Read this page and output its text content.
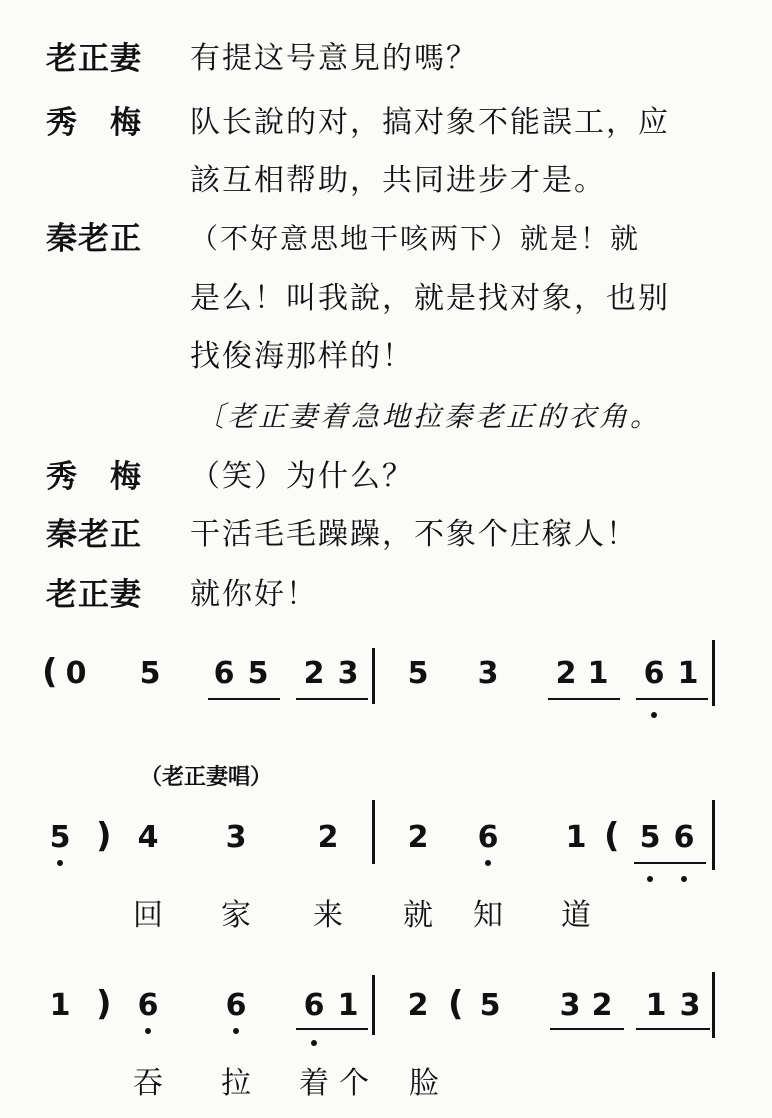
老正妻 有提这号意見的嗎？
秀　梅 队长說的对，搞对象不能誤工，应
該互相帮助，共同进步才是。
秦老正 （不好意思地干咳两下）就是！就
是么！叫我說，就是找对象，也别
找俊海那样的！
〔老正妻着急地拉秦老正的衣角。
秀　梅 （笑）为什么？
秦老正 干活毛毛躁躁，不象个庄稼人！
老正妻 就你好！
( 0	5	6 5	2 3	5	3	2 1	6 1
（老正妻唱）
5 ) 4	3	2	2	6	1 ( 5 6
回 家 来 就 知 道
1 ) 6	6	6 1	2 ( 5	3 2	1 3
吞 拉 着 个 脸
